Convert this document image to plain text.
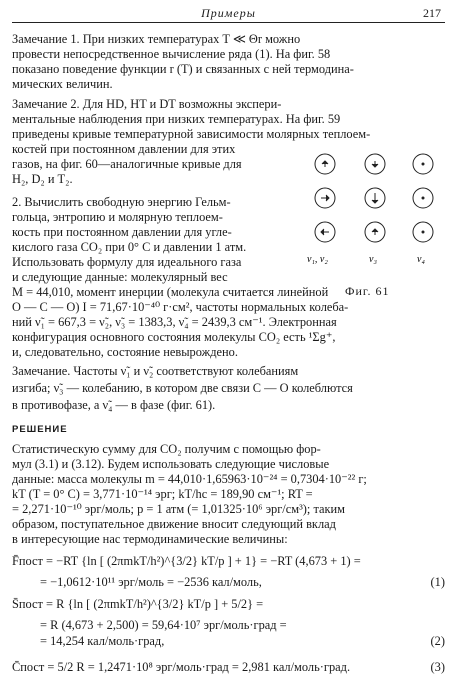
Примеры	217
Замечание 1. При низких температурах T ≪ Θr можно
провести непосредственное вычисление ряда (1). На фиг. 58
показано поведение функции r (T) и связанных с ней термодина-
мических величин.
Замечание 2. Для HD, HT и DT возможны экспери-
ментальные наблюдения при низких температурах. На фиг. 59
приведены кривые температурной зависимости молярных теплоем-
костей при постоянном давлении для этих
газов, на фиг. 60—аналогичные кривые для
H₂, D₂ и T₂.
2. Вычислить свободную энергию Гельм-
гольца, энтропию и молярную теплоем-
кость при постоянном давлении для угле-
кислого газа CO₂ при 0° C и давлении 1 атм.
Использовать формулу для идеального газа
и следующие данные: молекулярный вес
ν₁, ν₂	ν₃	ν₄
Фиг. 61
M = 44,010, момент инерции (молекула считается линейной
O — C — O) I = 71,67·10⁻⁴⁰ г·см², частоты нормальных колеба-
ний ν̃₁ = 667,3 = ν̃₂, ν̃₃ = 1383,3, ν̃₄ = 2439,3 см⁻¹. Электронная
конфигурация основного состояния молекулы CO₂ есть ¹Σg⁺,
и, следовательно, состояние невырождено.
Замечание. Частоты ν̃₁ и ν̃₂ соответствуют колебаниям
изгиба; ν̃₃ — колебанию, в котором две связи C — O колеблются
в противофазе, а ν̃₄ — в фазе (фиг. 61).
РЕШЕНИЕ
Статистическую сумму для CO₂ получим с помощью фор-
мул (3.1) и (3.12). Будем использовать следующие числовые
данные: масса молекулы m = 44,010·1,65963·10⁻²⁴ = 0,7304·10⁻²² г;
kT (T = 0° C) = 3,771·10⁻¹⁴ эрг; kT/hc = 189,90 см⁻¹; RT =
= 2,271·10⁻¹⁰ эрг/моль; p = 1 атм (= 1,01325·10⁶ эрг/см³); таким
образом, поступательное движение вносит следующий вклад
в интересующие нас термодинамические величины:
F̄пост = −RT {ln [ (2πmkT/h²)^{3/2} kT/p ] + 1} = −RT (4,673 + 1) =
= −1,0612·10¹¹ эрг/моль = −2536 кал/моль,	(1)
S̄пост = R {ln [ (2πmkT/h²)^{3/2} kT/p ] + 5/2} =
= R (4,673 + 2,500) = 59,64·10⁷ эрг/моль·град =
= 14,254 кал/моль·град,	(2)
C̄пост = 5/2 R = 1,2471·10⁸ эрг/моль·град = 2,981 кал/моль·град.	(3)
